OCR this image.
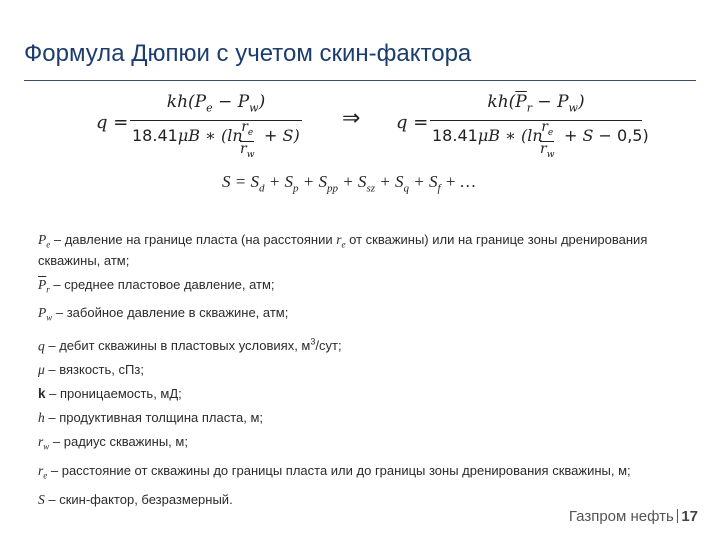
Формула Дюпюи с учетом скин-фактора
q =
$kh(P_e - P_w)$
18.41μB ∗ (ln
$r_e$

$r_w$
+ S)
⇒ q =
$kh(\overline{P}_r - P_w)$
18.41μB ∗ (ln
$r_e$

$r_w$
+ S − 0,5)
$S = S_d + S_p + S_{pp} + S_{sz} + S_q + S_f$ + …
$P_e$ – давление на границе пласта (на расстоянии $r_e$ от скважины) или на границе зоны дренирования скважины, атм;
$\overline{P}_r$ – среднее пластовое давление, атм;
$P_w$ – забойное давление в скважине, атм;
q – дебит скважины в пластовых условиях, $м^3$/сут;
μ – вязкость, сПз;
k – проницаемость, мД;
h – продуктивная толщина пласта, м;
$r_w$ – радиус скважины, м;
$r_e$ – расстояние от скважины до границы пласта или до границы зоны дренирования скважины, м;
S – скин-фактор, безразмерный.
Газпром нефть 17
